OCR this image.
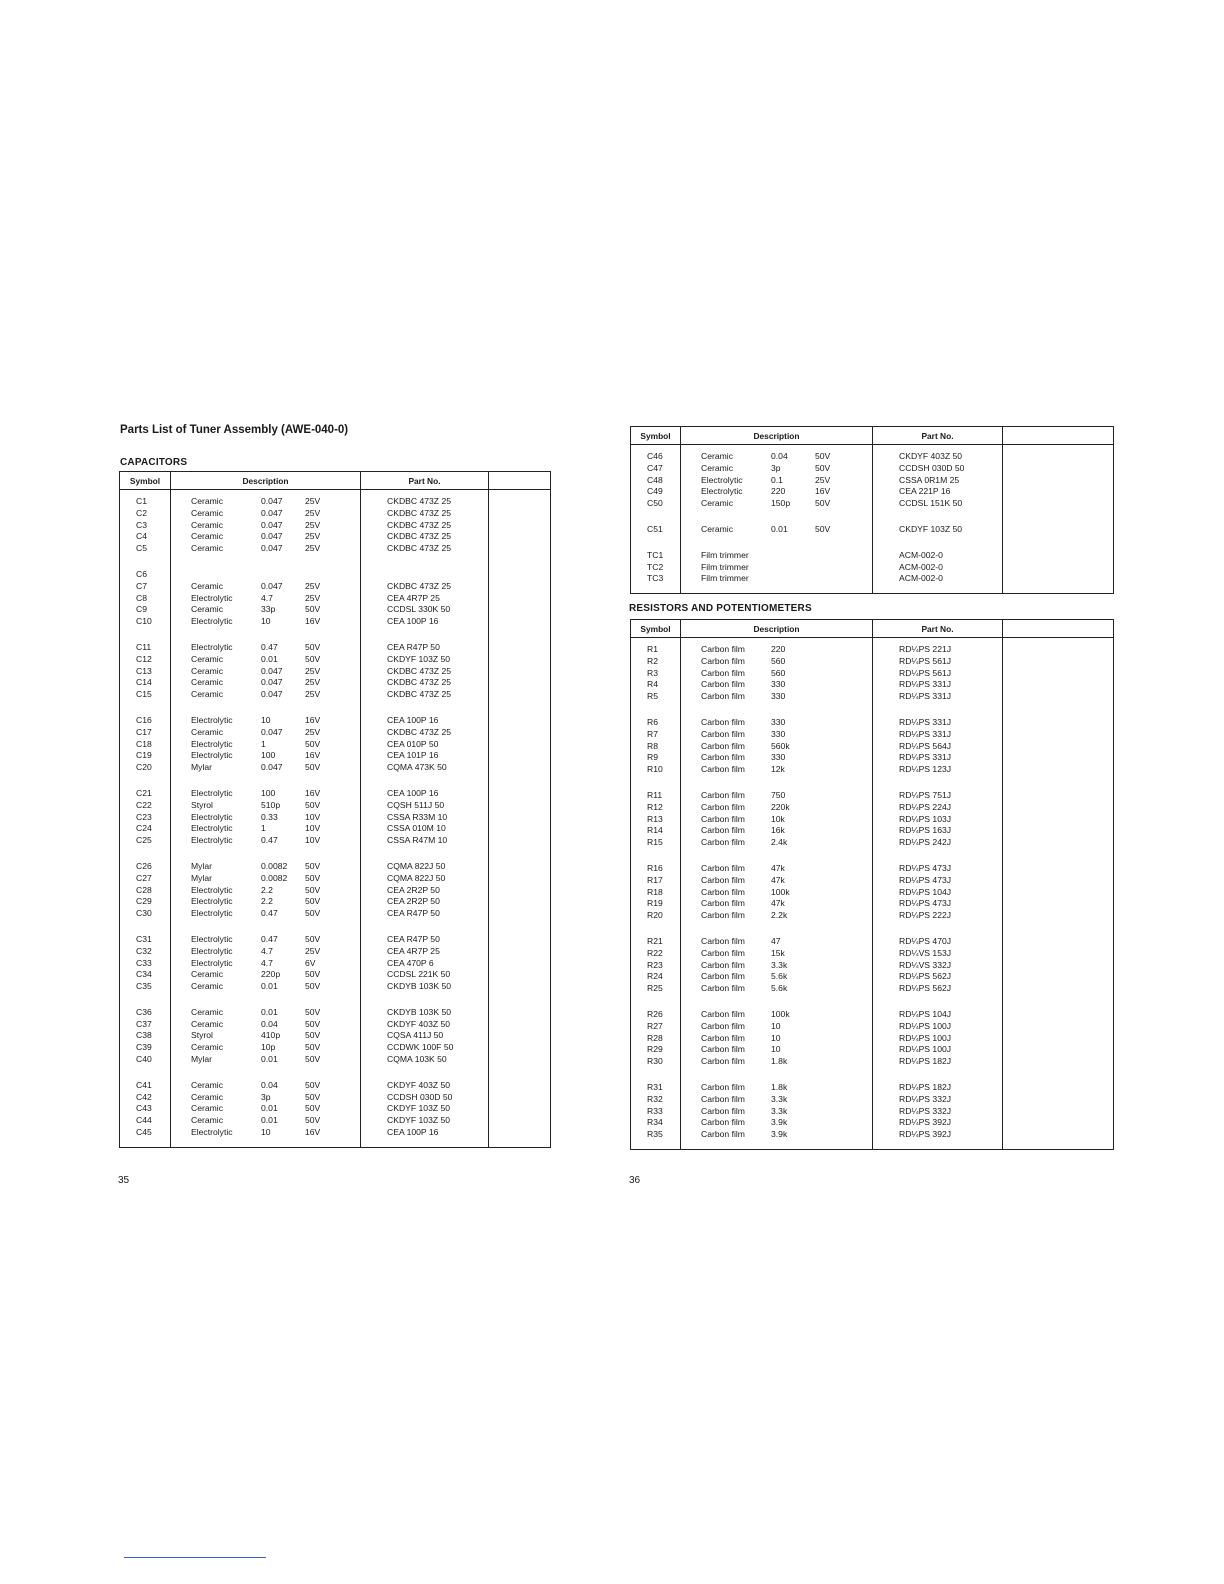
Parts List of Tuner Assembly (AWE-040-0)
CAPACITORS
Symbol	Description	Part No.	
C1	Ceramic 0.047 25V	CKDBC 473Z 25	
C2	Ceramic 0.047 25V	CKDBC 473Z 25	
C3	Ceramic 0.047 25V	CKDBC 473Z 25	
C4	Ceramic 0.047 25V	CKDBC 473Z 25	
C5	Ceramic 0.047 25V	CKDBC 473Z 25	
C6			
C7	Ceramic 0.047 25V	CKDBC 473Z 25	
C8	Electrolytic 4.7 25V	CEA 4R7P 25	
C9	Ceramic 33p 50V	CCDSL 330K 50	
C10	Electrolytic 10 16V	CEA 100P 16	
C11	Electrolytic 0.47 50V	CEA R47P 50	
C12	Ceramic 0.01 50V	CKDYF 103Z 50	
C13	Ceramic 0.047 25V	CKDBC 473Z 25	
C14	Ceramic 0.047 25V	CKDBC 473Z 25	
C15	Ceramic 0.047 25V	CKDBC 473Z 25	
C16	Electrolytic 10 16V	CEA 100P 16	
C17	Ceramic 0.047 25V	CKDBC 473Z 25	
C18	Electrolytic 1 50V	CEA 010P 50	
C19	Electrolytic 100 16V	CEA 101P 16	
C20	Mylar 0.047 50V	CQMA 473K 50	
C21	Electrolytic 100 16V	CEA 100P 16	
C22	Styrol 510p 50V	CQSH 511J 50	
C23	Electrolytic 0.33 10V	CSSA R33M 10	
C24	Electrolytic 1 10V	CSSA 010M 10	
C25	Electrolytic 0.47 10V	CSSA R47M 10	
C26	Mylar 0.0082 50V	CQMA 822J 50	
C27	Mylar 0.0082 50V	CQMA 822J 50	
C28	Electrolytic 2.2 50V	CEA 2R2P 50	
C29	Electrolytic 2.2 50V	CEA 2R2P 50	
C30	Electrolytic 0.47 50V	CEA R47P 50	
C31	Electrolytic 0.47 50V	CEA R47P 50	
C32	Electrolytic 4.7 25V	CEA 4R7P 25	
C33	Electrolytic 4.7 6V	CEA 470P 6	
C34	Ceramic 220p 50V	CCDSL 221K 50	
C35	Ceramic 0.01 50V	CKDYB 103K 50	
C36	Ceramic 0.01 50V	CKDYB 103K 50	
C37	Ceramic 0.04 50V	CKDYF 403Z 50	
C38	Styrol 410p 50V	CQSA 411J 50	
C39	Ceramic 10p 50V	CCDWK 100F 50	
C40	Mylar 0.01 50V	CQMA 103K 50	
C41	Ceramic 0.04 50V	CKDYF 403Z 50	
C42	Ceramic 3p 50V	CCDSH 030D 50	
C43	Ceramic 0.01 50V	CKDYF 103Z 50	
C44	Ceramic 0.01 50V	CKDYF 103Z 50	
C45	Electrolytic 10 16V	CEA 100P 16	
35
Symbol	Description	Part No.	
C46	Ceramic 0.04 50V	CKDYF 403Z 50	
C47	Ceramic 3p 50V	CCDSH 030D 50	
C48	Electrolytic 0.1 25V	CSSA 0R1M 25	
C49	Electrolytic 220 16V	CEA 221P 16	
C50	Ceramic 150p 50V	CCDSL 151K 50	
C51	Ceramic 0.01 50V	CKDYF 103Z 50	
TC1	Film trimmer	ACM-002-0	
TC2	Film trimmer	ACM-002-0	
TC3	Film trimmer	ACM-002-0	
RESISTORS AND POTENTIOMETERS
Symbol	Description	Part No.	
R1	Carbon film 220	RD¼PS 221J	
R2	Carbon film 560	RD¼PS 561J	
R3	Carbon film 560	RD¼PS 561J	
R4	Carbon film 330	RD¼PS 331J	
R5	Carbon film 330	RD¼PS 331J	
R6	Carbon film 330	RD¼PS 331J	
R7	Carbon film 330	RD¼PS 331J	
R8	Carbon film 560k	RD¼PS 564J	
R9	Carbon film 330	RD¼PS 331J	
R10	Carbon film 12k	RD¼PS 123J	
R11	Carbon film 750	RD¼PS 751J	
R12	Carbon film 220k	RD¼PS 224J	
R13	Carbon film 10k	RD¼PS 103J	
R14	Carbon film 16k	RD¼PS 163J	
R15	Carbon film 2.4k	RD¼PS 242J	
R16	Carbon film 47k	RD¼PS 473J	
R17	Carbon film 47k	RD¼PS 473J	
R18	Carbon film 100k	RD¼PS 104J	
R19	Carbon film 47k	RD¼PS 473J	
R20	Carbon film 2.2k	RD¼PS 222J	
R21	Carbon film 47	RD¼PS 470J	
R22	Carbon film 15k	RD¼VS 153J	
R23	Carbon film 3.3k	RD¼VS 332J	
R24	Carbon film 5.6k	RD¼PS 562J	
R25	Carbon film 5.6k	RD¼PS 562J	
R26	Carbon film 100k	RD¼PS 104J	
R27	Carbon film 10	RD¼PS 100J	
R28	Carbon film 10	RD¼PS 100J	
R29	Carbon film 10	RD¼PS 100J	
R30	Carbon film 1.8k	RD¼PS 182J	
R31	Carbon film 1.8k	RD¼PS 182J	
R32	Carbon film 3.3k	RD¼PS 332J	
R33	Carbon film 3.3k	RD¼PS 332J	
R34	Carbon film 3.9k	RD¼PS 392J	
R35	Carbon film 3.9k	RD¼PS 392J	
36
